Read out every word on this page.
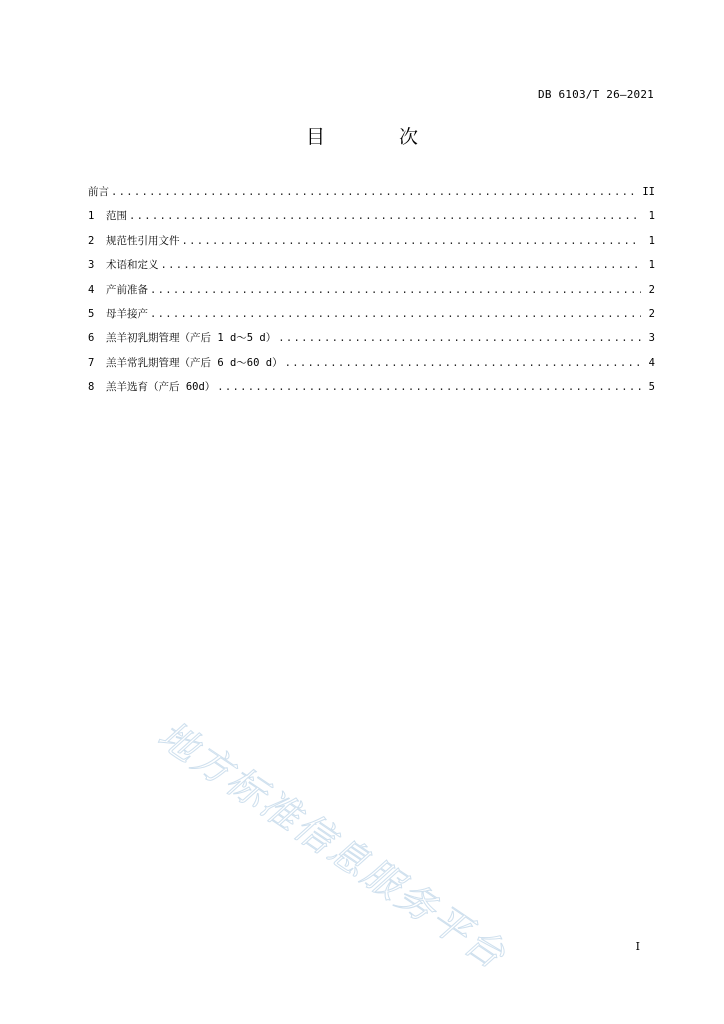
DB 6103/T 26—2021
目 次
前言 .....	II
1	范围 .....	1
2	规范性引用文件 .....	1
3	术语和定义 .....	1
4	产前准备 .....	2
5	母羊接产 .....	2
6	羔羊初乳期管理（产后 1 d～5 d） .....	3
7	羔羊常乳期管理（产后 6 d～60 d） .....	4
8	羔羊选育（产后 60d） .....	5
地方标准信息服务平台	I
